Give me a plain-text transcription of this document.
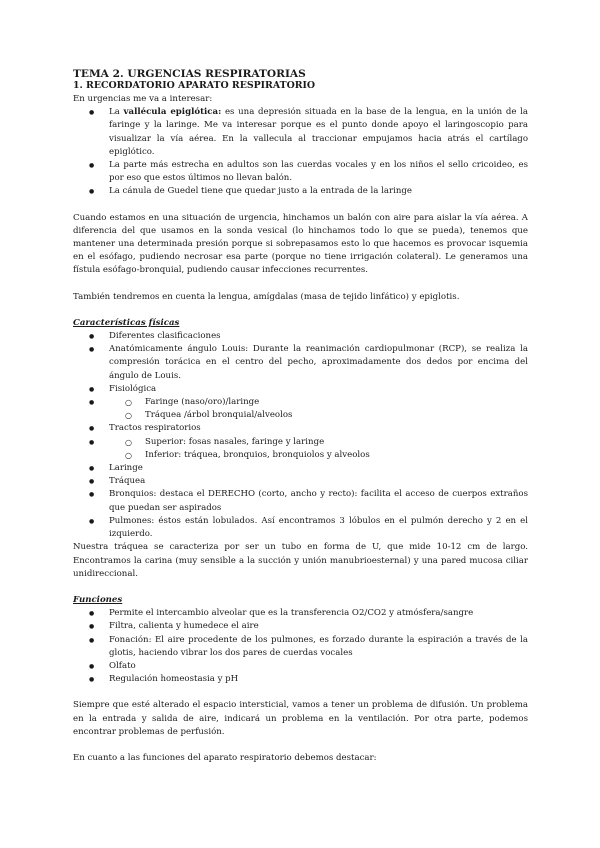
TEMA 2. URGENCIAS RESPIRATORIAS
1. RECORDATORIO APARATO RESPIRATORIO

En urgencias me va a interesar:

● La vallécula epiglótica: es una depresión situada en la base de la lengua, en la unión de la faringe y la laringe. Me va interesar porque es el punto donde apoyo el laringoscopio para visualizar la vía aérea. En la vallecula al traccionar empujamos hacia atrás el cartílago epiglótico.
● La parte más estrecha en adultos son las cuerdas vocales y en los niños el sello cricoideo, es por eso que estos últimos no llevan balón.
● La cánula de Guedel tiene que quedar justo a la entrada de la laringe

Cuando estamos en una situación de urgencia, hinchamos un balón con aire para aislar la vía aérea. A diferencia del que usamos en la sonda vesical (lo hinchamos todo lo que se pueda), tenemos que mantener una determinada presión porque si sobrepasamos esto lo que hacemos es provocar isquemia en el esófago, pudiendo necrosar esa parte (porque no tiene irrigación colateral). Le generamos una fístula esófago-bronquial, pudiendo causar infecciones recurrentes.

También tendremos en cuenta la lengua, amígdalas (masa de tejido linfático) y epiglotis.

Características físicas

● Diferentes clasificaciones
● Anatómicamente ángulo Louis: Durante la reanimación cardiopulmonar (RCP), se realiza la compresión torácica en el centro del pecho, aproximadamente dos dedos por encima del ángulo de Louis.
● Fisiológica
○ ● Faringe (naso/oro)/laringe
○ Tráquea /árbol bronquial/alveolos
● Tractos respiratorios
○ ● Superior: fosas nasales, faringe y laringe
○ Inferior: tráquea, bronquios, bronquiolos y alveolos
● Laringe
● Tráquea
● Bronquios: destaca el DERECHO (corto, ancho y recto): facilita el acceso de cuerpos extraños que puedan ser aspirados
● Pulmones: éstos están lobulados. Así encontramos 3 lóbulos en el pulmón derecho y 2 en el izquierdo.

Nuestra tráquea se caracteriza por ser un tubo en forma de U, que mide 10-12 cm de largo. Encontramos la carina (muy sensible a la succión y unión manubrioesternal) y una pared mucosa ciliar unidireccional.

Funciones

● Permite el intercambio alveolar que es la transferencia O2/CO2 y atmósfera/sangre
● Filtra, calienta y humedece el aire
● Fonación: El aire procedente de los pulmones, es forzado durante la espiración a través de la glotis, haciendo vibrar los dos pares de cuerdas vocales
● Olfato
● Regulación homeostasia y pH

Siempre que esté alterado el espacio intersticial, vamos a tener un problema de difusión. Un problema en la entrada y salida de aire, indicará un problema en la ventilación. Por otra parte, podemos encontrar problemas de perfusión.

En cuanto a las funciones del aparato respiratorio debemos destacar:
